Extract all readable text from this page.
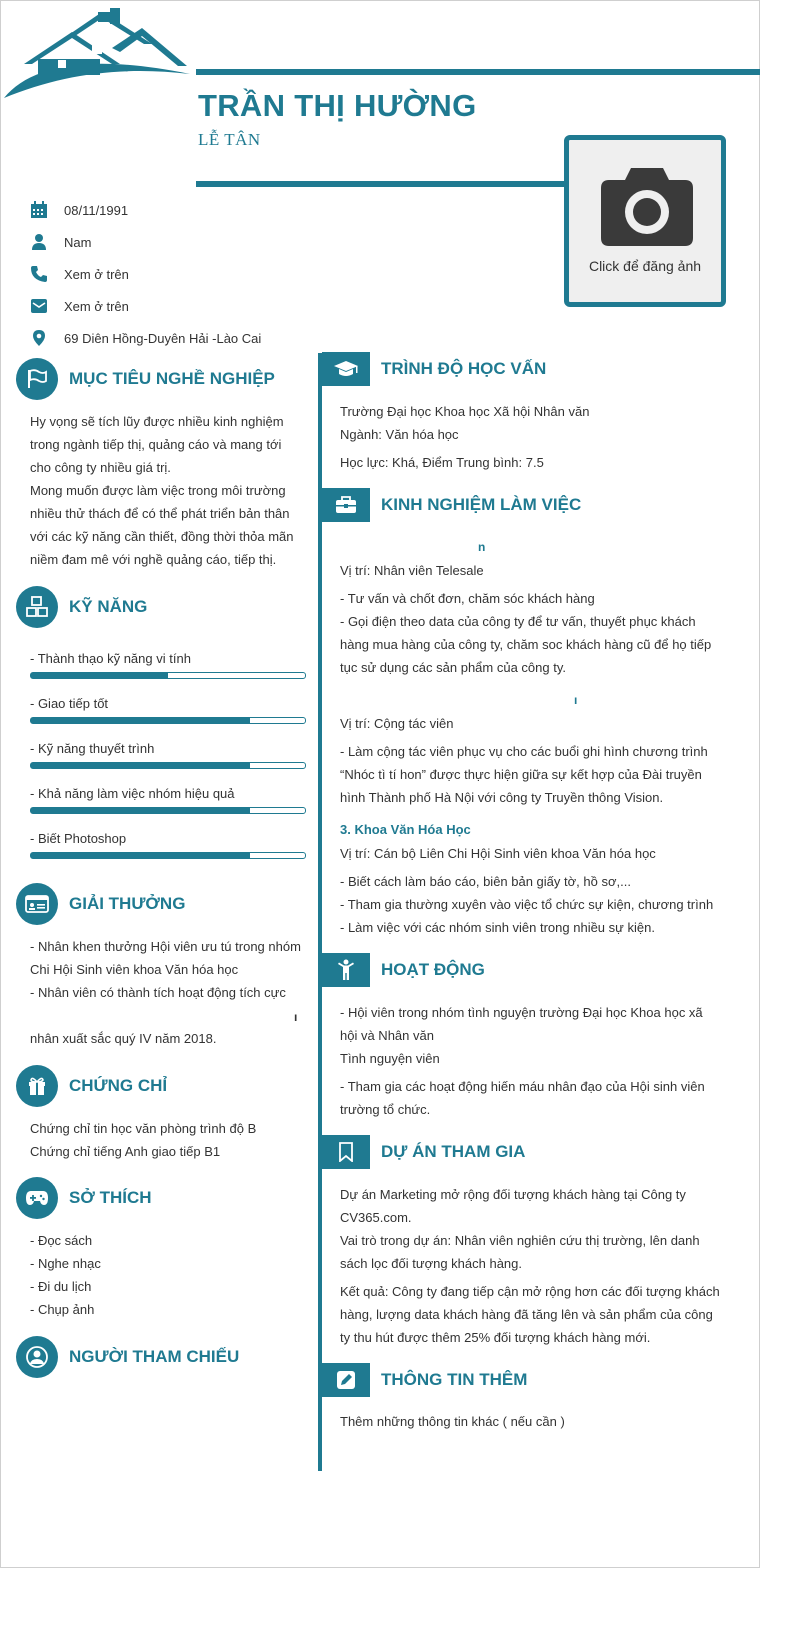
TRẦN THỊ HƯỜNG
LỄ TÂN
Click để đăng ảnh
08/11/1991
Nam
Xem ở trên
Xem ở trên
69 Diên Hồng-Duyên Hải -Lào Cai
MỤC TIÊU NGHỀ NGHIỆP

Hy vọng sẽ tích lũy được nhiều kinh nghiệm

trong ngành tiếp thị, quảng cáo và mang tới

cho công ty nhiều giá trị.

Mong muốn được làm việc trong môi trường

nhiều thử thách để có thể phát triển bản thân

với các kỹ năng cần thiết, đồng thời thỏa mãn

niềm đam mê với nghề quảng cáo, tiếp thị.

KỸ NĂNG
- Thành thạo kỹ năng vi tính
- Giao tiếp tốt
- Kỹ năng thuyết trình
- Khả năng làm việc nhóm hiệu quả
- Biết Photoshop
GIẢI THƯỞNG

- Nhân khen thưởng Hội viên ưu tú trong nhóm

Chi Hội Sinh viên khoa Văn hóa học

- Nhân viên có thành tích hoạt động tích cực

ı
nhân xuất sắc quý IV năm 2018.
CHỨNG CHỈ

Chứng chỉ tin học văn phòng trình độ B

Chứng chỉ tiếng Anh giao tiếp B1

SỞ THÍCH

- Đọc sách

- Nghe nhạc

- Đi du lịch

- Chụp ảnh

NGƯỜI THAM CHIẾU
TRÌNH ĐỘ HỌC VẤN
Trường Đại học Khoa học Xã hội Nhân văn
Ngành: Văn hóa học
Học lực: Khá, Điểm Trung bình: 7.5
KINH NGHIỆM LÀM VIỆC
n
Vị trí: Nhân viên Telesale

- Tư vấn và chốt đơn, chăm sóc khách hàng

- Gọi điện theo data của công ty để tư vấn, thuyết phục khách

hàng mua hàng của công ty, chăm soc khách hàng cũ để họ tiếp

tục sử dụng các sản phẩm của công ty.

ı
Vị trí: Cộng tác viên

- Làm cộng tác viên phục vụ cho các buổi ghi hình chương trình

“Nhóc tì tí hon” được thực hiện giữa sự kết hợp của Đài truyền

hình Thành phố Hà Nội với công ty Truyền thông Vision.

3. Khoa Văn Hóa Học
Vị trí: Cán bộ Liên Chi Hội Sinh viên khoa Văn hóa học

- Biết cách làm báo cáo, biên bản giấy tờ, hồ sơ,...

- Tham gia thường xuyên vào việc tổ chức sự kiện, chương trình

- Làm việc với các nhóm sinh viên trong nhiều sự kiện.

HOẠT ĐỘNG

- Hội viên trong nhóm tình nguyện trường Đại học Khoa học xã

hội và Nhân văn

Tình nguyện viên

- Tham gia các hoạt động hiến máu nhân đạo của Hội sinh viên

trường tổ chức.

DỰ ÁN THAM GIA

Dự án Marketing mở rộng đối tượng khách hàng tại Công ty

CV365.com.

Vai trò trong dự án: Nhân viên nghiên cứu thị trường, lên danh

sách lọc đối tượng khách hàng.

Kết quả: Công ty đang tiếp cận mở rộng hơn các đối tượng khách

hàng, lượng data khách hàng đã tăng lên và sản phẩm của công

ty thu hút được thêm 25% đối tượng khách hàng mới.

THÔNG TIN THÊM
Thêm những thông tin khác ( nếu cần )
